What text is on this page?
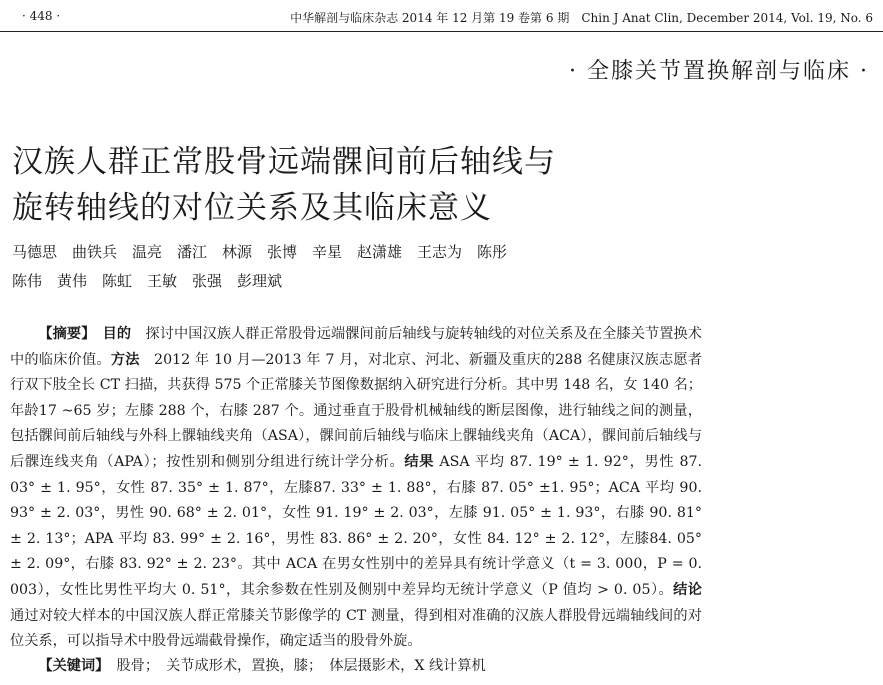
· 448 ·	中华解剖与临床杂志 2014 年 12 月第 19 卷第 6 期　Chin J Anat Clin, December 2014, Vol. 19, No. 6
· 全膝关节置换解剖与临床 ·
汉族人群正常股骨远端髁间前后轴线与
旋转轴线的对位关系及其临床意义
马德思　曲铁兵　温亮　潘江　林源　张博　辛星　赵潇雄　王志为　陈彤
陈伟　黄伟　陈虹　王敏　张强　彭理斌

【摘要】　 目的　 探讨中国汉族人群正常股骨远端髁间前后轴线与旋转轴线的对位关系及在全膝关节置换术中的临床价值。方法　 2012 年 10 月—2013 年 7 月，对北京、河北、新疆及重庆的288 名健康汉族志愿者行双下肢全长 CT 扫描，共获得 575 个正常膝关节图像数据纳入研究进行分析。其中男 148 名，女 140 名；年龄17 ~65 岁；左膝 288 个，右膝 287 个。通过垂直于股骨机械轴线的断层图像，进行轴线之间的测量，包括髁间前后轴线与外科上髁轴线夹角（ASA），髁间前后轴线与临床上髁轴线夹角（ACA），髁间前后轴线与后髁连线夹角（APA）；按性别和侧别分组进行统计学分析。结果 ASA 平均 87. 19° ± 1. 92°，男性 87. 03° ± 1. 95°，女性 87. 35° ± 1. 87°，左膝87. 33° ± 1. 88°，右膝 87. 05° ±1. 95°；ACA 平均 90. 93° ± 2. 03°，男性 90. 68° ± 2. 01°，女性 91. 19° ± 2. 03°，左膝 91. 05° ± 1. 93°，右膝 90. 81° ± 2. 13°；APA 平均 83. 99° ± 2. 16°，男性 83. 86° ± 2. 20°，女性 84. 12° ± 2. 12°，左膝84. 05° ± 2. 09°，右膝 83. 92° ± 2. 23°。其中 ACA 在男女性别中的差异具有统计学意义（t = 3. 000，P = 0. 003），女性比男性平均大 0. 51°，其余参数在性别及侧别中差异均无统计学意义（P 值均 > 0. 05）。结论　通过对较大样本的中国汉族人群正常膝关节影像学的 CT 测量，得到相对准确的汉族人群股骨远端轴线间的对位关系，可以指导术中股骨远端截骨操作，确定适当的股骨外旋。

【关键词】　 股骨；　关节成形术，置换，膝；　体层摄影术，X 线计算机
